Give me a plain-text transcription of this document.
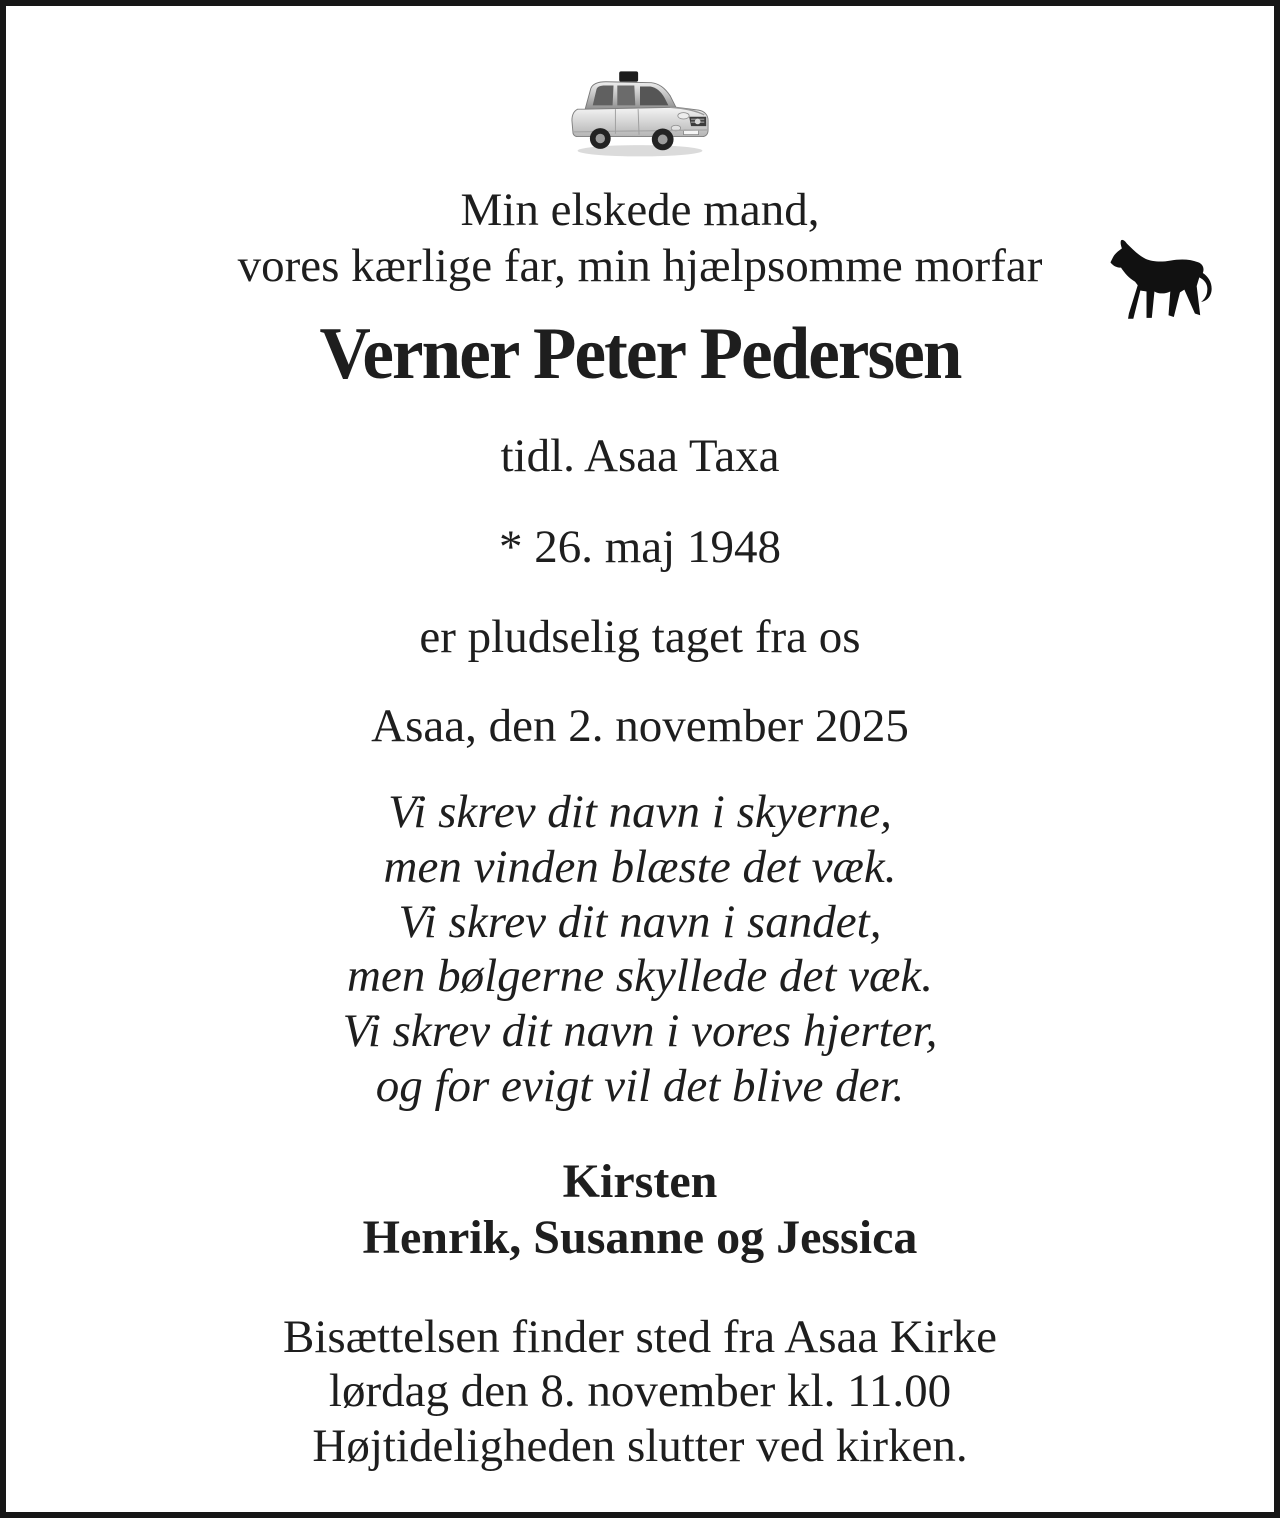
Min elskede mand,
vores kærlige far, min hjælpsomme morfar
Verner Peter Pedersen
tidl. Asaa Taxa
* 26. maj 1948
er pludselig taget fra os
Asaa, den 2. november 2025
Vi skrev dit navn i skyerne,
men vinden blæste det væk.
Vi skrev dit navn i sandet,
men bølgerne skyllede det væk.
Vi skrev dit navn i vores hjerter,
og for evigt vil det blive der.
Kirsten
Henrik, Susanne og Jessica
Bisættelsen finder sted fra Asaa Kirke
lørdag den 8. november kl. 11.00
Højtideligheden slutter ved kirken.
